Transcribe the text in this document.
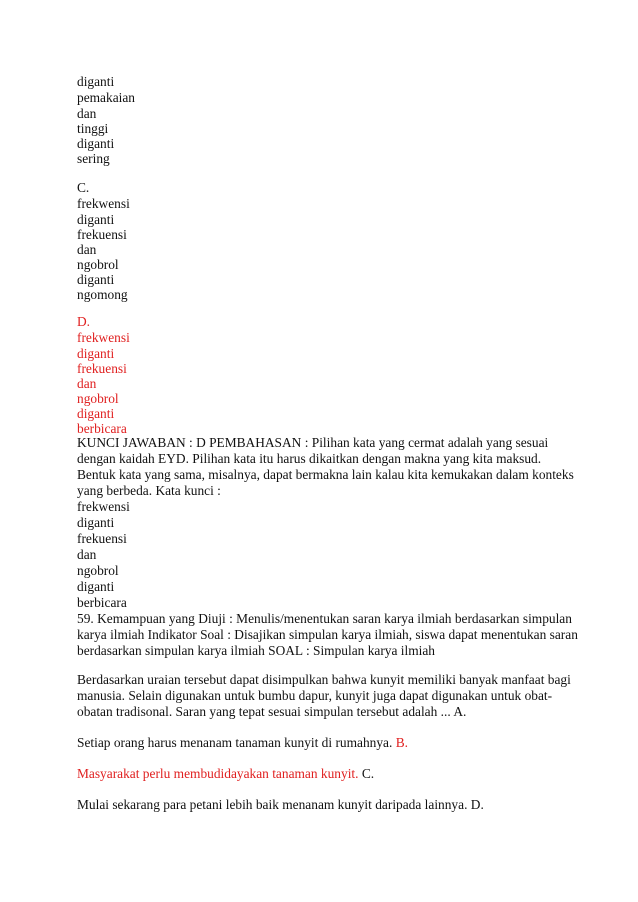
diganti
pemakaian
dan
tinggi
diganti
sering
C.
frekwensi
diganti
frekuensi
dan
ngobrol
diganti
ngomong
D.
frekwensi
diganti
frekuensi
dan
ngobrol
diganti
berbicara
KUNCI JAWABAN : D PEMBAHASAN : Pilihan kata yang cermat adalah yang sesuai
dengan kaidah EYD. Pilihan kata itu harus dikaitkan dengan makna yang kita maksud.
Bentuk kata yang sama, misalnya, dapat bermakna lain kalau kita kemukakan dalam konteks
yang berbeda. Kata kunci :
frekwensi
diganti
frekuensi
dan
ngobrol
diganti
berbicara
59. Kemampuan yang Diuji : Menulis/menentukan saran karya ilmiah berdasarkan simpulan
karya ilmiah Indikator Soal : Disajikan simpulan karya ilmiah, siswa dapat menentukan saran
berdasarkan simpulan karya ilmiah SOAL : Simpulan karya ilmiah
Berdasarkan uraian tersebut dapat disimpulkan bahwa kunyit memiliki banyak manfaat bagi
manusia. Selain digunakan untuk bumbu dapur, kunyit juga dapat digunakan untuk obat-
obatan tradisonal. Saran yang tepat sesuai simpulan tersebut adalah ... A.
Setiap orang harus menanam tanaman kunyit di rumahnya. B.
Masyarakat perlu membudidayakan tanaman kunyit. C.
Mulai sekarang para petani lebih baik menanam kunyit daripada lainnya. D.
